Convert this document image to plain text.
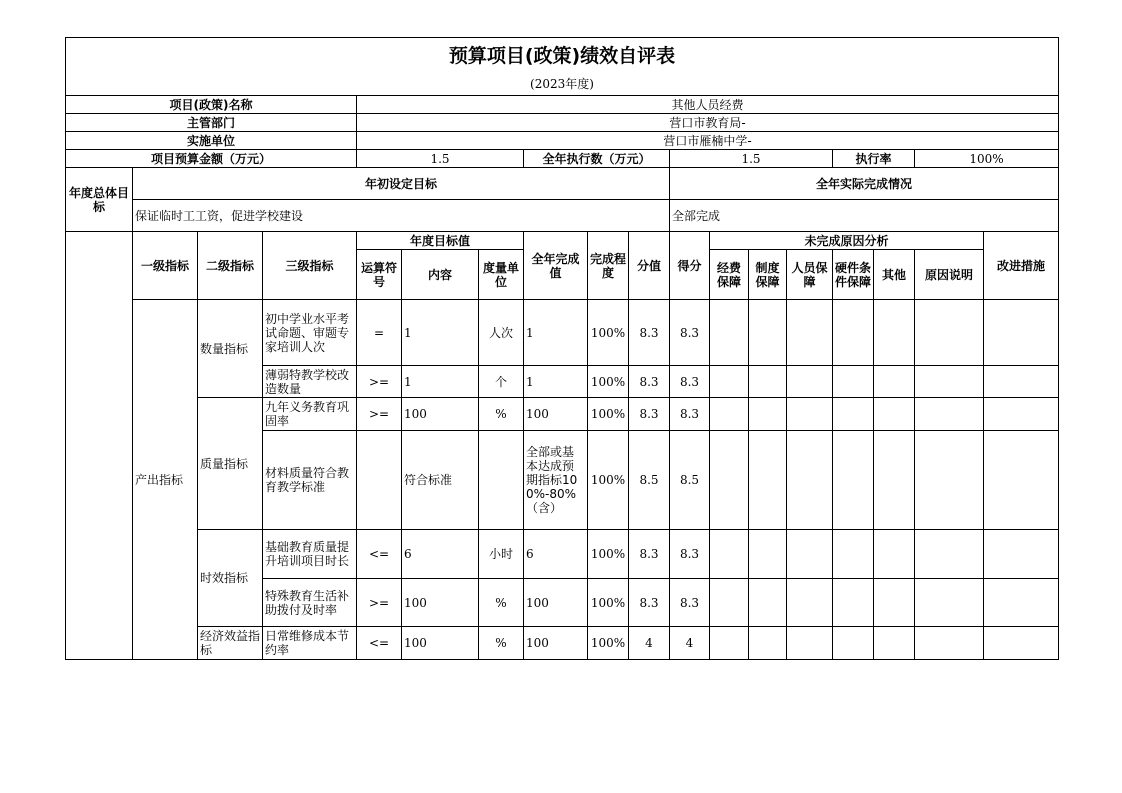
预算项目(政策)绩效自评表																	
(2023年度)																	
项目(政策)名称				其他人员经费													
主管部门				营口市教育局-													
实施单位				营口市雁楠中学-													
项目预算金额（万元）				1.5			全年执行数（万元）			1.5				执行率		100%	
年度总体目标	年初设定目标									全年实际完成情况							
	保证临时工工资，促进学校建设									全部完成							
	一级指标	二级指标	三级指标	年度目标值			全年完成值	完成程度	分值	得分	未完成原因分析						改进措施
				运算符号	内容	度量单位					经费保障	制度保障	人员保障	硬件条件保障	其他	原因说明	
	产出指标	数量指标	初中学业水平考试命题、审题专家培训人次	=	1	人次	1	100%	8.3	8.3							
			薄弱特教学校改造数量	>=	1	个	1	100%	8.3	8.3							
		质量指标	九年义务教育巩固率	>=	100	%	100	100%	8.3	8.3							
			材料质量符合教育教学标准		符合标准		全部或基本达成预期指标100%-80%（含）	100%	8.5	8.5							
		时效指标	基础教育质量提升培训项目时长	<=	6	小时	6	100%	8.3	8.3							
			特殊教育生活补助拨付及时率	>=	100	%	100	100%	8.3	8.3							
		经济效益指标	日常维修成本节约率	<=	100	%	100	100%	4	4							
